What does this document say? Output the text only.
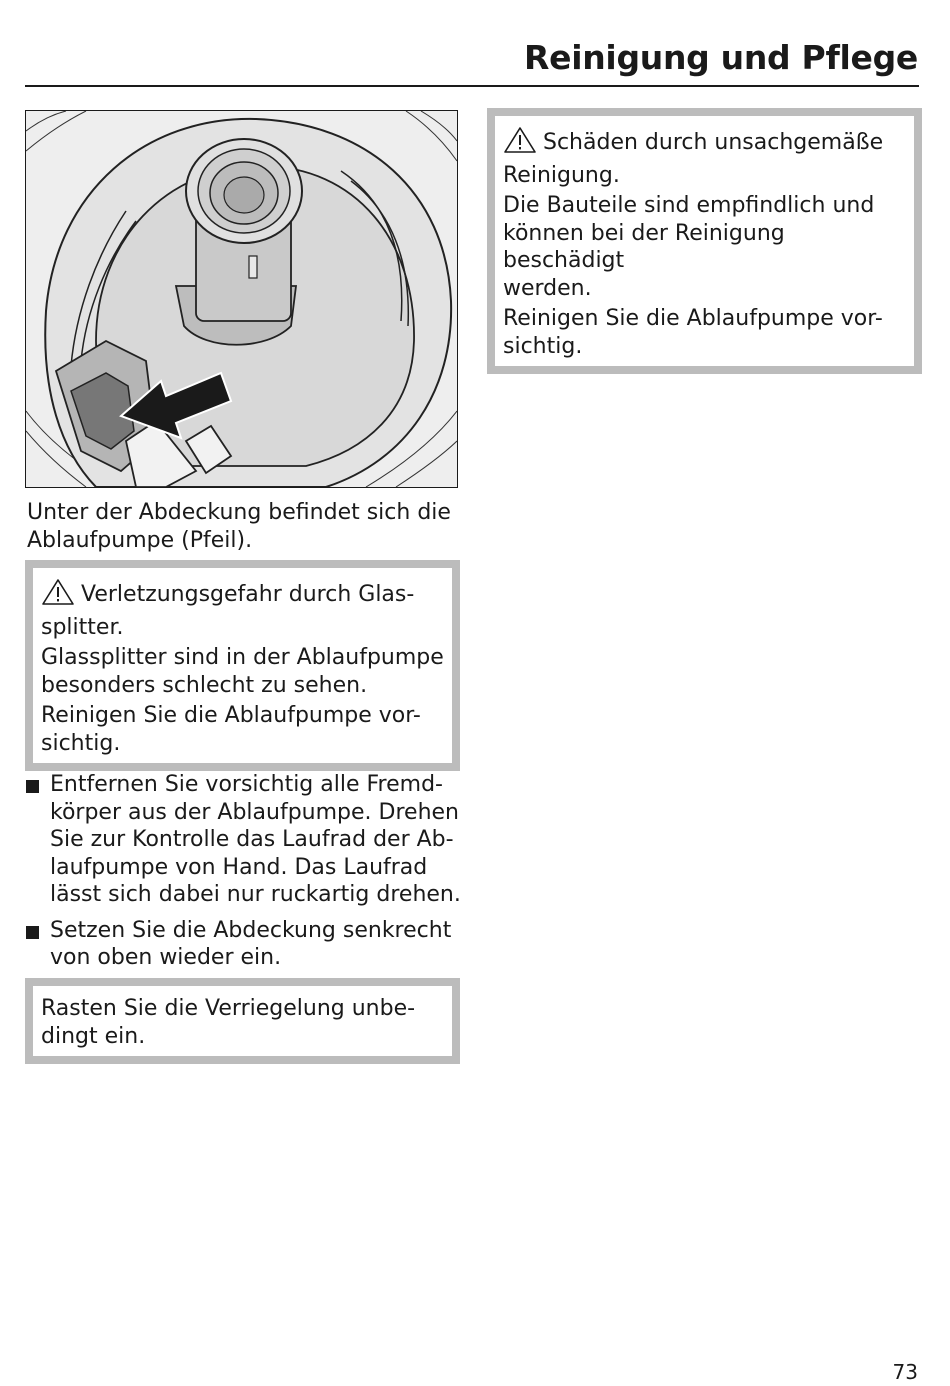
Reinigung und Pflege
Unter der Abdeckung befindet sich die
Ablaufpumpe (Pfeil).

Verletzungsgefahr durch Glas-
splitter.

Glassplitter sind in der Ablaufpumpe
besonders schlecht zu sehen.

Reinigen Sie die Ablaufpumpe vor-
sichtig.

Entfernen Sie vorsichtig alle Fremd-
körper aus der Ablaufpumpe. Drehen
Sie zur Kontrolle das Laufrad der Ab-
laufpumpe von Hand. Das Laufrad
lässt sich dabei nur ruckartig drehen.
Setzen Sie die Abdeckung senkrecht
von oben wieder ein.

Rasten Sie die Verriegelung unbe-
dingt ein.

Schäden durch unsachgemäße
Reinigung.

Die Bauteile sind empfindlich und
können bei der Reinigung beschädigt
werden.

Reinigen Sie die Ablaufpumpe vor-
sichtig.

73
